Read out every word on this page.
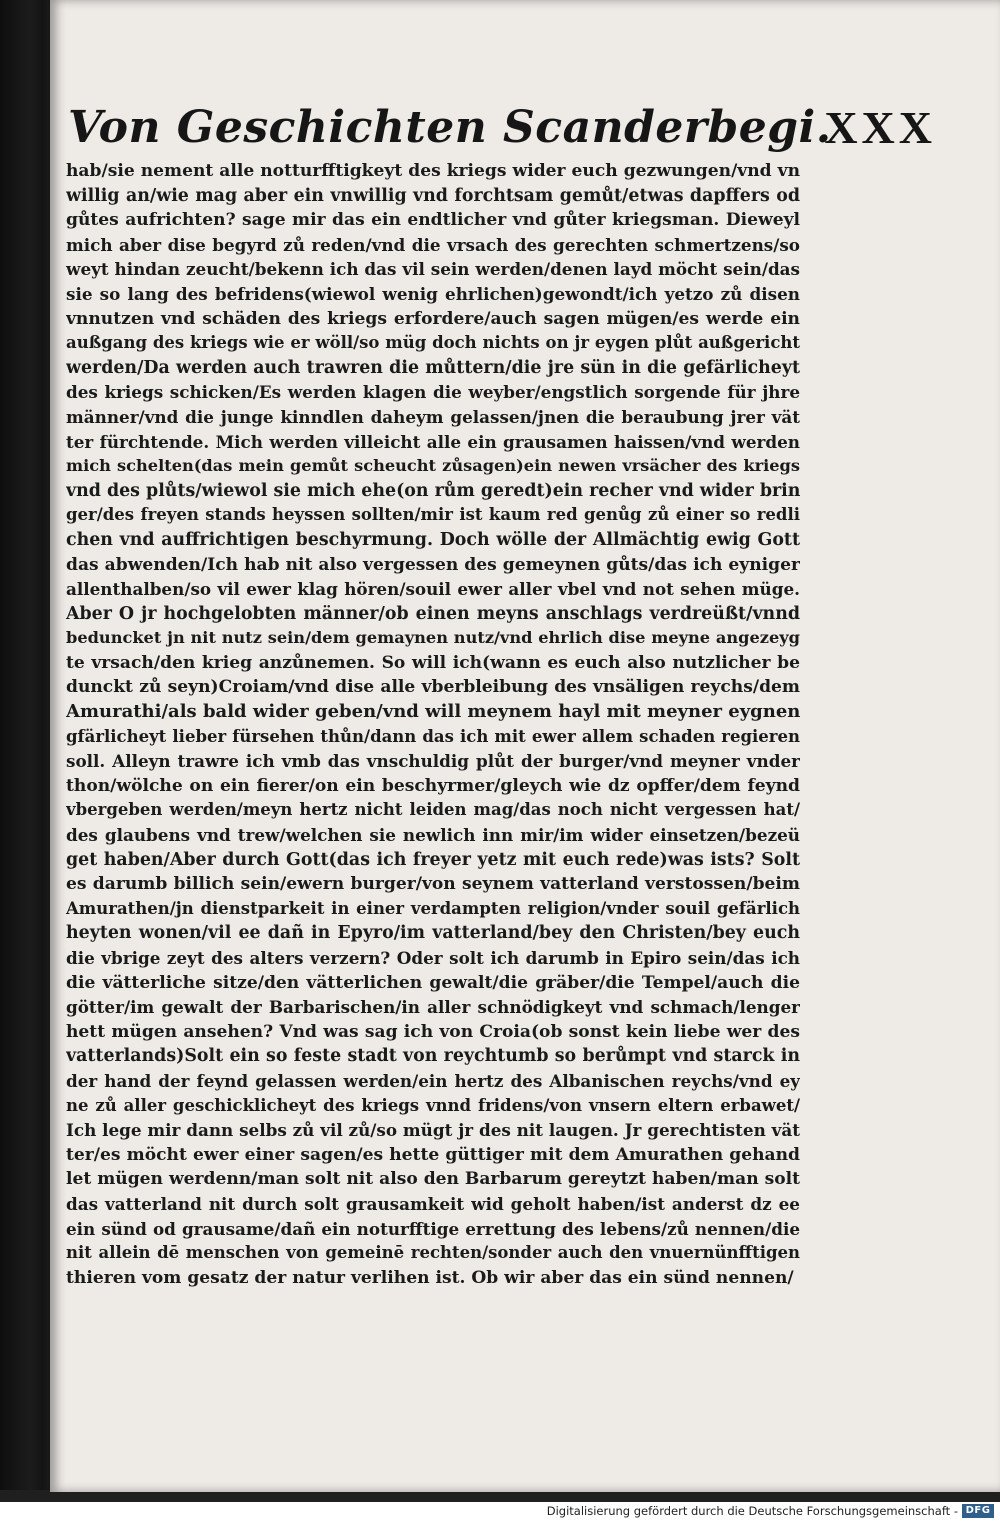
Von Geschichten Scanderbegi.
XXX
hab/sie nement alle notturfftigkeyt des kriegs wider euch gezwungen/vnd vn
willig an/wie mag aber ein vnwillig vnd forchtsam gemůt/etwas dapffers od
gůtes aufrichten? sage mir das ein endtlicher vnd gůter kriegsman. Dieweyl
mich aber dise begyrd zů reden/vnd die vrsach des gerechten schmertzens/so
weyt hindan zeucht/bekenn ich das vil sein werden/denen layd möcht sein/das
sie so lang des befridens(wiewol wenig ehrlichen)gewondt/ich yetzo zů disen
vnnutzen vnd schäden des kriegs erfordere/auch sagen mügen/es werde ein
außgang des kriegs wie er wöll/so müg doch nichts on jr eygen plůt außgericht
werden/Da werden auch trawren die můttern/die jre sün in die gefärlicheyt
des kriegs schicken/Es werden klagen die weyber/engstlich sorgende für jhre
männer/vnd die junge kinndlen daheym gelassen/jnen die beraubung jrer vät
ter fürchtende. Mich werden villeicht alle ein grausamen haissen/vnd werden
mich schelten(das mein gemůt scheucht zůsagen)ein newen vrsächer des kriegs
vnd des plůts/wiewol sie mich ehe(on rům geredt)ein recher vnd wider brin
ger/des freyen stands heyssen sollten/mir ist kaum red genůg zů einer so redli
chen vnd auffrichtigen beschyrmung. Doch wölle der Allmächtig ewig Gott
das abwenden/Ich hab nit also vergessen des gemeynen gůts/das ich eyniger
allenthalben/so vil ewer klag hören/souil ewer aller vbel vnd not sehen müge.
Aber O jr hochgelobten männer/ob einen meyns anschlags verdreüßt/vnnd
beduncket jn nit nutz sein/dem gemaynen nutz/vnd ehrlich dise meyne angezeyg
te vrsach/den krieg anzůnemen. So will ich(wann es euch also nutzlicher be
dunckt zů seyn)Croiam/vnd dise alle vberbleibung des vnsäligen reychs/dem
Amurathi/als bald wider geben/vnd will meynem hayl mit meyner eygnen
gfärlicheyt lieber fürsehen thůn/dann das ich mit ewer allem schaden regieren
soll. Alleyn trawre ich vmb das vnschuldig plůt der burger/vnd meyner vnder
thon/wölche on ein fierer/on ein beschyrmer/gleych wie dz opffer/dem feynd
vbergeben werden/meyn hertz nicht leiden mag/das noch nicht vergessen hat/
des glaubens vnd trew/welchen sie newlich inn mir/im wider einsetzen/bezeü
get haben/Aber durch Gott(das ich freyer yetz mit euch rede)was ists? Solt
es darumb billich sein/ewern burger/von seynem vatterland verstossen/beim
Amurathen/jn dienstparkeit in einer verdampten religion/vnder souil gefärlich
heyten wonen/vil ee dañ in Epyro/im vatterland/bey den Christen/bey euch
die vbrige zeyt des alters verzern? Oder solt ich darumb in Epiro sein/das ich
die vätterliche sitze/den vätterlichen gewalt/die gräber/die Tempel/auch die
götter/im gewalt der Barbarischen/in aller schnödigkeyt vnd schmach/lenger
hett mügen ansehen? Vnd was sag ich von Croia(ob sonst kein liebe wer des
vatterlands)Solt ein so feste stadt von reychtumb so berůmpt vnd starck in
der hand der feynd gelassen werden/ein hertz des Albanischen reychs/vnd ey
ne zů aller geschicklicheyt des kriegs vnnd fridens/von vnsern eltern erbawet/
Ich lege mir dann selbs zů vil zů/so mügt jr des nit laugen. Jr gerechtisten vät
ter/es möcht ewer einer sagen/es hette güttiger mit dem Amurathen gehand
let mügen werdenn/man solt nit also den Barbarum gereytzt haben/man solt
das vatterland nit durch solt grausamkeit wid geholt haben/ist anderst dz ee
ein sünd od grausame/dañ ein noturfftige errettung des lebens/zů nennen/die
nit allein dē menschen von gemeinē rechten/sonder auch den vnuernünfftigen
thieren vom gesatz der natur verlihen ist. Ob wir aber das ein sünd nennen/
Digitalisierung gefördert durch die Deutsche Forschungsgemeinschaft - DFG
